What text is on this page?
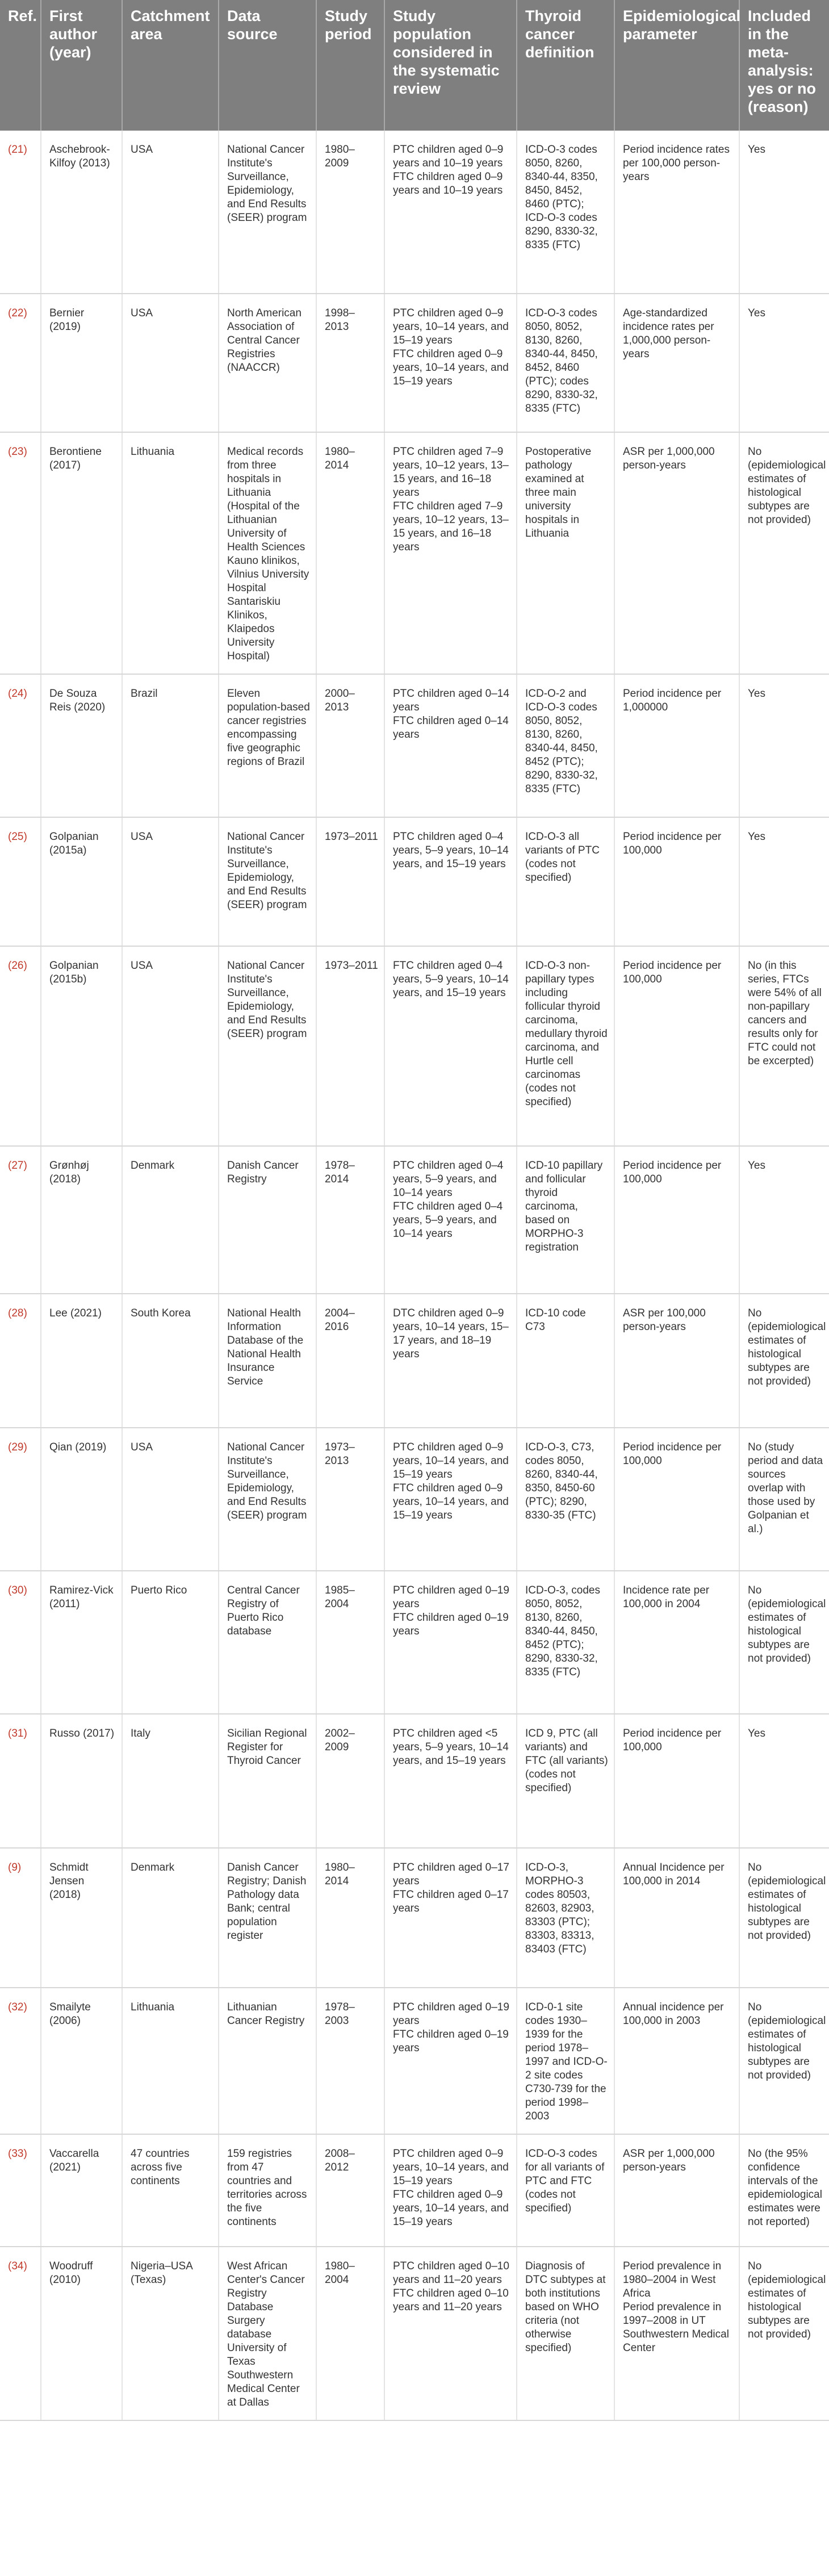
Ref.	First author (year)	Catchment area	Data source	Study period	Study population considered in the systematic review	Thyroid cancer definition	Epidemiological parameter	Included in the meta-analysis: yes or no (reason)
(21)	Aschebrook-Kilfoy (2013)	USA	National Cancer Institute's Surveillance, Epidemiology, and End Results (SEER) program	1980–2009	PTC children aged 0–9 years and 10–19 years
FTC children aged 0–9 years and 10–19 years	ICD-O-3 codes 8050, 8260, 8340-44, 8350, 8450, 8452, 8460 (PTC); ICD-O-3 codes 8290, 8330-32, 8335 (FTC)	Period incidence rates per 100,000 person-years	Yes
(22)	Bernier (2019)	USA	North American Association of Central Cancer Registries (NAACCR)	1998–2013	PTC children aged 0–9 years, 10–14 years, and 15–19 years
FTC children aged 0–9 years, 10–14 years, and 15–19 years	ICD-O-3 codes 8050, 8052, 8130, 8260, 8340-44, 8450, 8452, 8460 (PTC); codes 8290, 8330-32, 8335 (FTC)	Age-standardized incidence rates per 1,000,000 person-years	Yes
(23)	Berontiene (2017)	Lithuania	Medical records from three hospitals in Lithuania (Hospital of the Lithuanian University of Health Sciences Kauno klinikos, Vilnius University Hospital Santariskiu Klinikos, Klaipedos University Hospital)	1980–2014	PTC children aged 7–9 years, 10–12 years, 13–15 years, and 16–18 years
FTC children aged 7–9 years, 10–12 years, 13–15 years, and 16–18 years	Postoperative pathology examined at three main university hospitals in Lithuania	ASR per 1,000,000 person-years	No (epidemiological estimates of histological subtypes are not provided)
(24)	De Souza Reis (2020)	Brazil	Eleven population-based cancer registries encompassing five geographic regions of Brazil	2000–2013	PTC children aged 0–14 years
FTC children aged 0–14 years	ICD-O-2 and ICD-O-3 codes 8050, 8052, 8130, 8260, 8340-44, 8450, 8452 (PTC); 8290, 8330-32, 8335 (FTC)	Period incidence per 1,000000	Yes
(25)	Golpanian (2015a)	USA	National Cancer Institute's Surveillance, Epidemiology, and End Results (SEER) program	1973–2011	PTC children aged 0–4 years, 5–9 years, 10–14 years, and 15–19 years	ICD-O-3 all variants of PTC (codes not specified)	Period incidence per 100,000	Yes
(26)	Golpanian (2015b)	USA	National Cancer Institute's Surveillance, Epidemiology, and End Results (SEER) program	1973–2011	FTC children aged 0–4 years, 5–9 years, 10–14 years, and 15–19 years	ICD-O-3 non-papillary types including follicular thyroid carcinoma, medullary thyroid carcinoma, and Hurtle cell carcinomas (codes not specified)	Period incidence per 100,000	No (in this series, FTCs were 54% of all non-papillary cancers and results only for FTC could not be excerpted)
(27)	Grønhøj (2018)	Denmark	Danish Cancer Registry	1978–2014	PTC children aged 0–4 years, 5–9 years, and 10–14 years
FTC children aged 0–4 years, 5–9 years, and 10–14 years	ICD-10 papillary and follicular thyroid carcinoma, based on MORPHO-3 registration	Period incidence per 100,000	Yes
(28)	Lee (2021)	South Korea	National Health Information Database of the National Health Insurance Service	2004–2016	DTC children aged 0–9 years, 10–14 years, 15–17 years, and 18–19 years	ICD-10 code C73	ASR per 100,000 person-years	No (epidemiological estimates of histological subtypes are not provided)
(29)	Qian (2019)	USA	National Cancer Institute's Surveillance, Epidemiology, and End Results (SEER) program	1973–2013	PTC children aged 0–9 years, 10–14 years, and 15–19 years
FTC children aged 0–9 years, 10–14 years, and 15–19 years	ICD-O-3, C73, codes 8050, 8260, 8340-44, 8350, 8450-60 (PTC); 8290, 8330-35 (FTC)	Period incidence per 100,000	No (study period and data sources overlap with those used by Golpanian et al.)
(30)	Ramirez-Vick (2011)	Puerto Rico	Central Cancer Registry of Puerto Rico database	1985–2004	PTC children aged 0–19 years
FTC children aged 0–19 years	ICD-O-3, codes 8050, 8052, 8130, 8260, 8340-44, 8450, 8452 (PTC); 8290, 8330-32, 8335 (FTC)	Incidence rate per 100,000 in 2004	No (epidemiological estimates of histological subtypes are not provided)
(31)	Russo (2017)	Italy	Sicilian Regional Register for Thyroid Cancer	2002–2009	PTC children aged <5 years, 5–9 years, 10–14 years, and 15–19 years	ICD 9, PTC (all variants) and FTC (all variants) (codes not specified)	Period incidence per 100,000	Yes
(9)	Schmidt Jensen (2018)	Denmark	Danish Cancer Registry; Danish Pathology data Bank; central population register	1980–2014	PTC children aged 0–17 years
FTC children aged 0–17 years	ICD-O-3, MORPHO-3 codes 80503, 82603, 82903, 83303 (PTC); 83303, 83313, 83403 (FTC)	Annual Incidence per 100,000 in 2014	No (epidemiological estimates of histological subtypes are not provided)
(32)	Smailyte (2006)	Lithuania	Lithuanian Cancer Registry	1978–2003	PTC children aged 0–19 years
FTC children aged 0–19 years	ICD-0-1 site codes 1930–1939 for the period 1978–1997 and ICD-O-2 site codes C730-739 for the period 1998–2003	Annual incidence per 100,000 in 2003	No (epidemiological estimates of histological subtypes are not provided)
(33)	Vaccarella (2021)	47 countries across five continents	159 registries from 47 countries and territories across the five continents	2008–2012	PTC children aged 0–9 years, 10–14 years, and 15–19 years
FTC children aged 0–9 years, 10–14 years, and 15–19 years	ICD-O-3 codes for all variants of PTC and FTC (codes not specified)	ASR per 1,000,000 person-years	No (the 95% confidence intervals of the epidemiological estimates were not reported)
(34)	Woodruff (2010)	Nigeria–USA (Texas)	West African Center's Cancer Registry Database Surgery database University of Texas Southwestern Medical Center at Dallas	1980–2004	PTC children aged 0–10 years and 11–20 years
FTC children aged 0–10 years and 11–20 years	Diagnosis of DTC subtypes at both institutions based on WHO criteria (not otherwise specified)	Period prevalence in 1980–2004 in West Africa
Period prevalence in 1997–2008 in UT Southwestern Medical Center	No (epidemiological estimates of histological subtypes are not provided)
